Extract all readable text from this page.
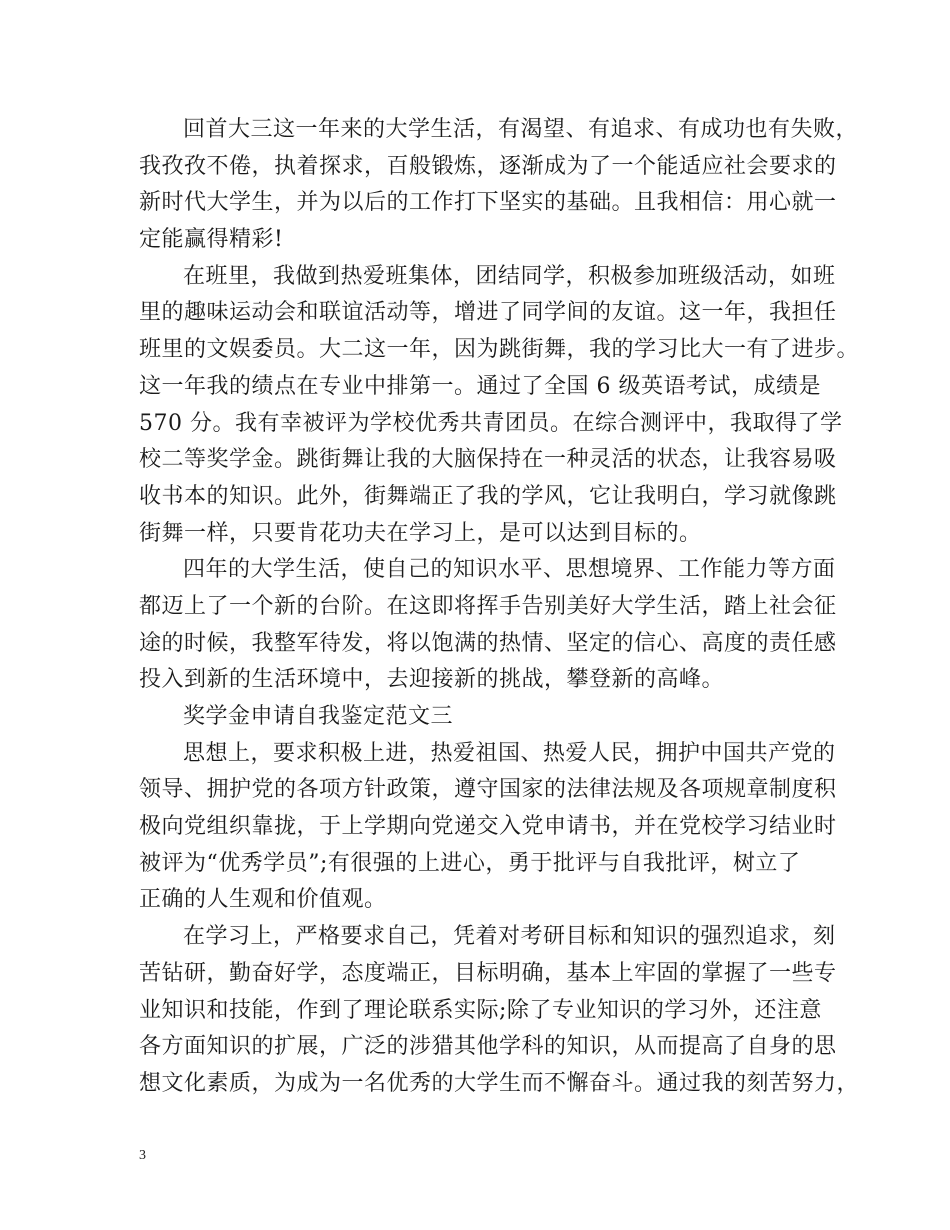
回首大三这一年来的大学生活，有渴望、有追求、有成功也有失败，
我孜孜不倦，执着探求，百般锻炼，逐渐成为了一个能适应社会要求的
新时代大学生，并为以后的工作打下坚实的基础。且我相信：用心就一
定能赢得精彩!
在班里，我做到热爱班集体，团结同学，积极参加班级活动，如班
里的趣味运动会和联谊活动等，增进了同学间的友谊。这一年，我担任
班里的文娱委员。大二这一年，因为跳街舞，我的学习比大一有了进步。
这一年我的绩点在专业中排第一。通过了全国 6 级英语考试，成绩是
570 分。我有幸被评为学校优秀共青团员。在综合测评中，我取得了学
校二等奖学金。跳街舞让我的大脑保持在一种灵活的状态，让我容易吸
收书本的知识。此外，街舞端正了我的学风，它让我明白，学习就像跳
街舞一样，只要肯花功夫在学习上，是可以达到目标的。
四年的大学生活，使自己的知识水平、思想境界、工作能力等方面
都迈上了一个新的台阶。在这即将挥手告别美好大学生活，踏上社会征
途的时候，我整军待发，将以饱满的热情、坚定的信心、高度的责任感
投入到新的生活环境中，去迎接新的挑战，攀登新的高峰。
奖学金申请自我鉴定范文三
思想上，要求积极上进，热爱祖国、热爱人民，拥护中国共产党的
领导、拥护党的各项方针政策，遵守国家的法律法规及各项规章制度积
极向党组织靠拢，于上学期向党递交入党申请书，并在党校学习结业时
被评为“优秀学员”;有很强的上进心，勇于批评与自我批评，树立了
正确的人生观和价值观。
在学习上，严格要求自己，凭着对考研目标和知识的强烈追求，刻
苦钻研，勤奋好学，态度端正，目标明确，基本上牢固的掌握了一些专
业知识和技能，作到了理论联系实际;除了专业知识的学习外，还注意
各方面知识的扩展，广泛的涉猎其他学科的知识，从而提高了自身的思
想文化素质，为成为一名优秀的大学生而不懈奋斗。通过我的刻苦努力，
3
